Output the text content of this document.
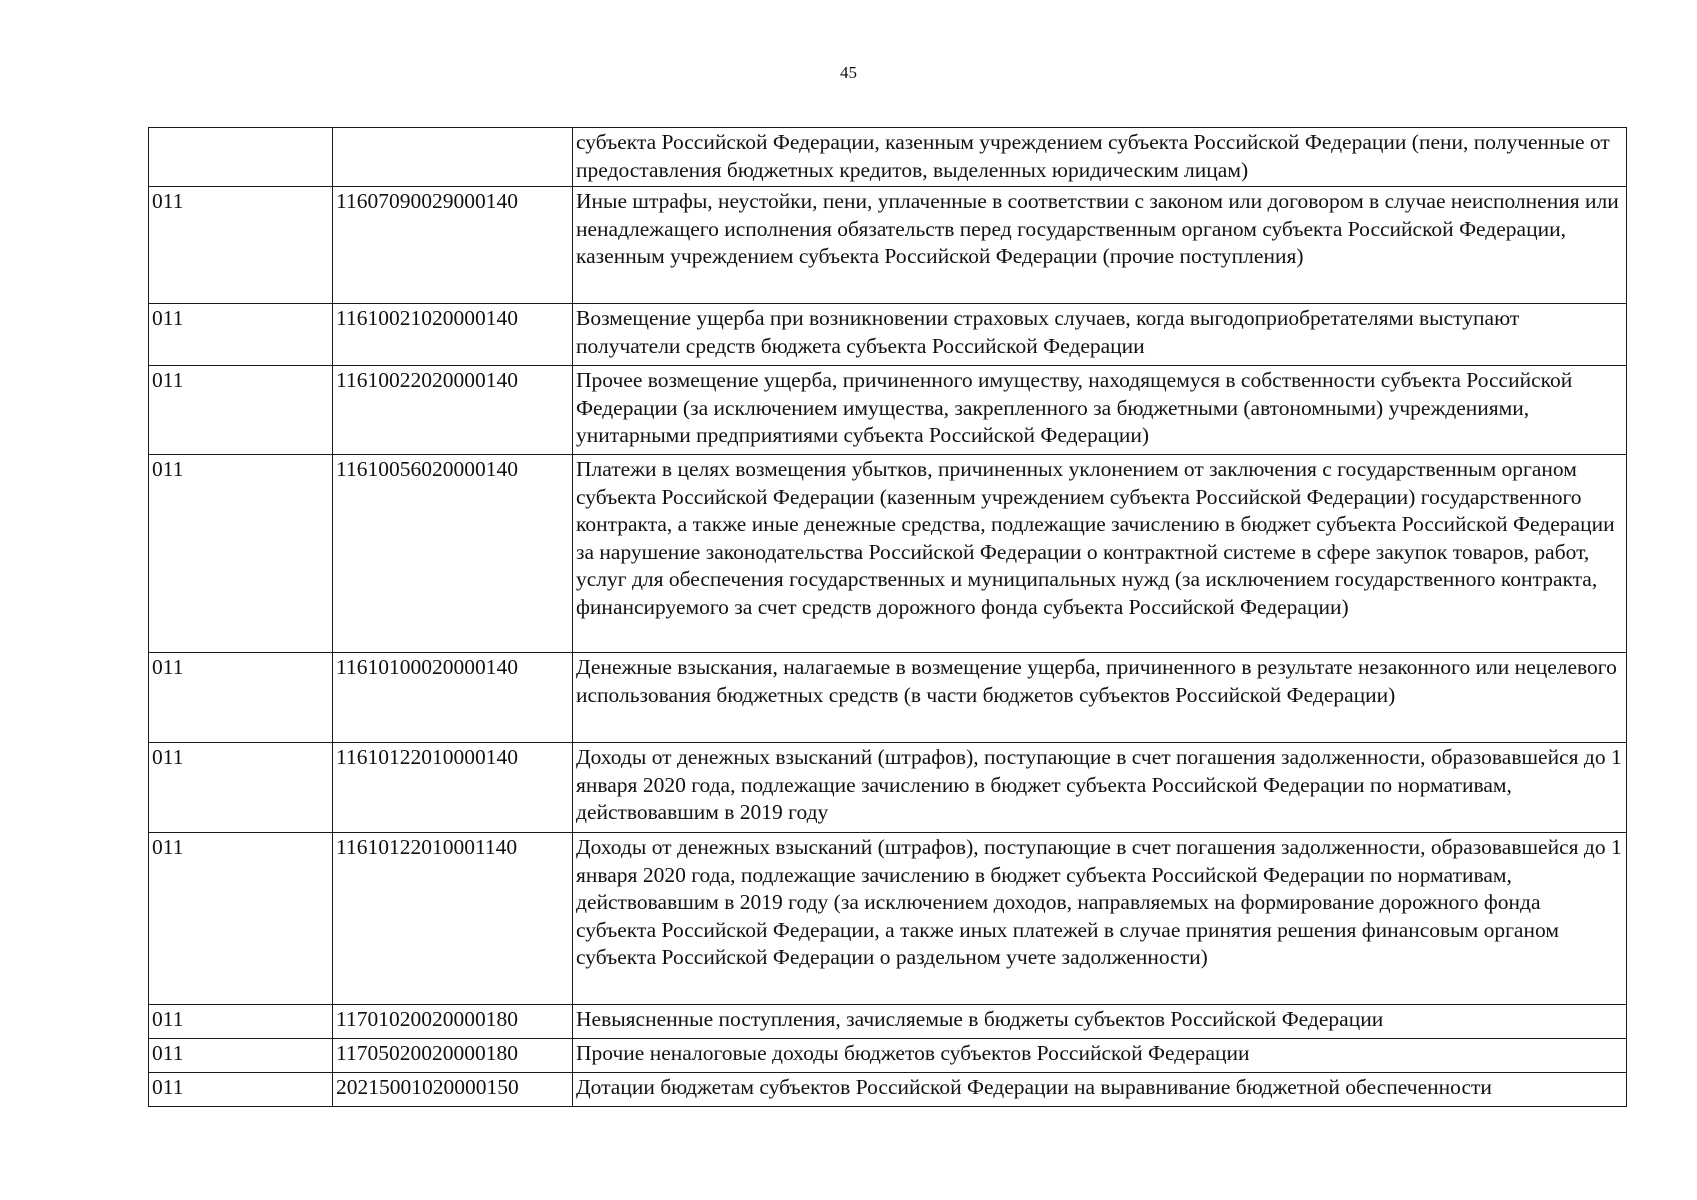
45
		субъекта Российской Федерации, казенным учреждением субъекта Российской Федерации (пени, полученные от предоставления бюджетных кредитов, выделенных юридическим лицам)
011	11607090029000140	Иные штрафы, неустойки, пени, уплаченные в соответствии с законом или договором в случае неисполнения или ненадлежащего исполнения обязательств перед государственным органом субъекта Российской Федерации, казенным учреждением субъекта Российской Федерации (прочие поступления)
011	11610021020000140	Возмещение ущерба при возникновении страховых случаев, когда выгодоприобретателями выступают получатели средств бюджета субъекта Российской Федерации
011	11610022020000140	Прочее возмещение ущерба, причиненного имуществу, находящемуся в собственности субъекта Российской Федерации (за исключением имущества, закрепленного за бюджетными (автономными) учреждениями, унитарными предприятиями субъекта Российской Федерации)
011	11610056020000140	Платежи в целях возмещения убытков, причиненных уклонением от заключения с государственным органом субъекта Российской Федерации (казенным учреждением субъекта Российской Федерации) государственного контракта, а также иные денежные средства, подлежащие зачислению в бюджет субъекта Российской Федерации за нарушение законодательства Российской Федерации о контрактной системе в сфере закупок товаров, работ, услуг для обеспечения государственных и муниципальных нужд (за исключением государственного контракта, финансируемого за счет средств дорожного фонда субъекта Российской Федерации)
011	11610100020000140	Денежные взыскания, налагаемые в возмещение ущерба, причиненного в результате незаконного или нецелевого использования бюджетных средств (в части бюджетов субъектов Российской Федерации)
011	11610122010000140	Доходы от денежных взысканий (штрафов), поступающие в счет погашения задолженности, образовавшейся до 1 января 2020 года, подлежащие зачислению в бюджет субъекта Российской Федерации по нормативам, действовавшим в 2019 году
011	11610122010001140	Доходы от денежных взысканий (штрафов), поступающие в счет погашения задолженности, образовавшейся до 1 января 2020 года, подлежащие зачислению в бюджет субъекта Российской Федерации по нормативам, действовавшим в 2019 году (за исключением доходов, направляемых на формирование дорожного фонда субъекта Российской Федерации, а также иных платежей в случае принятия решения финансовым органом субъекта Российской Федерации о раздельном учете задолженности)
011	11701020020000180	Невыясненные поступления, зачисляемые в бюджеты субъектов Российской Федерации
011	11705020020000180	Прочие неналоговые доходы бюджетов субъектов Российской Федерации
011	20215001020000150	Дотации бюджетам субъектов Российской Федерации на выравнивание бюджетной обеспеченности
